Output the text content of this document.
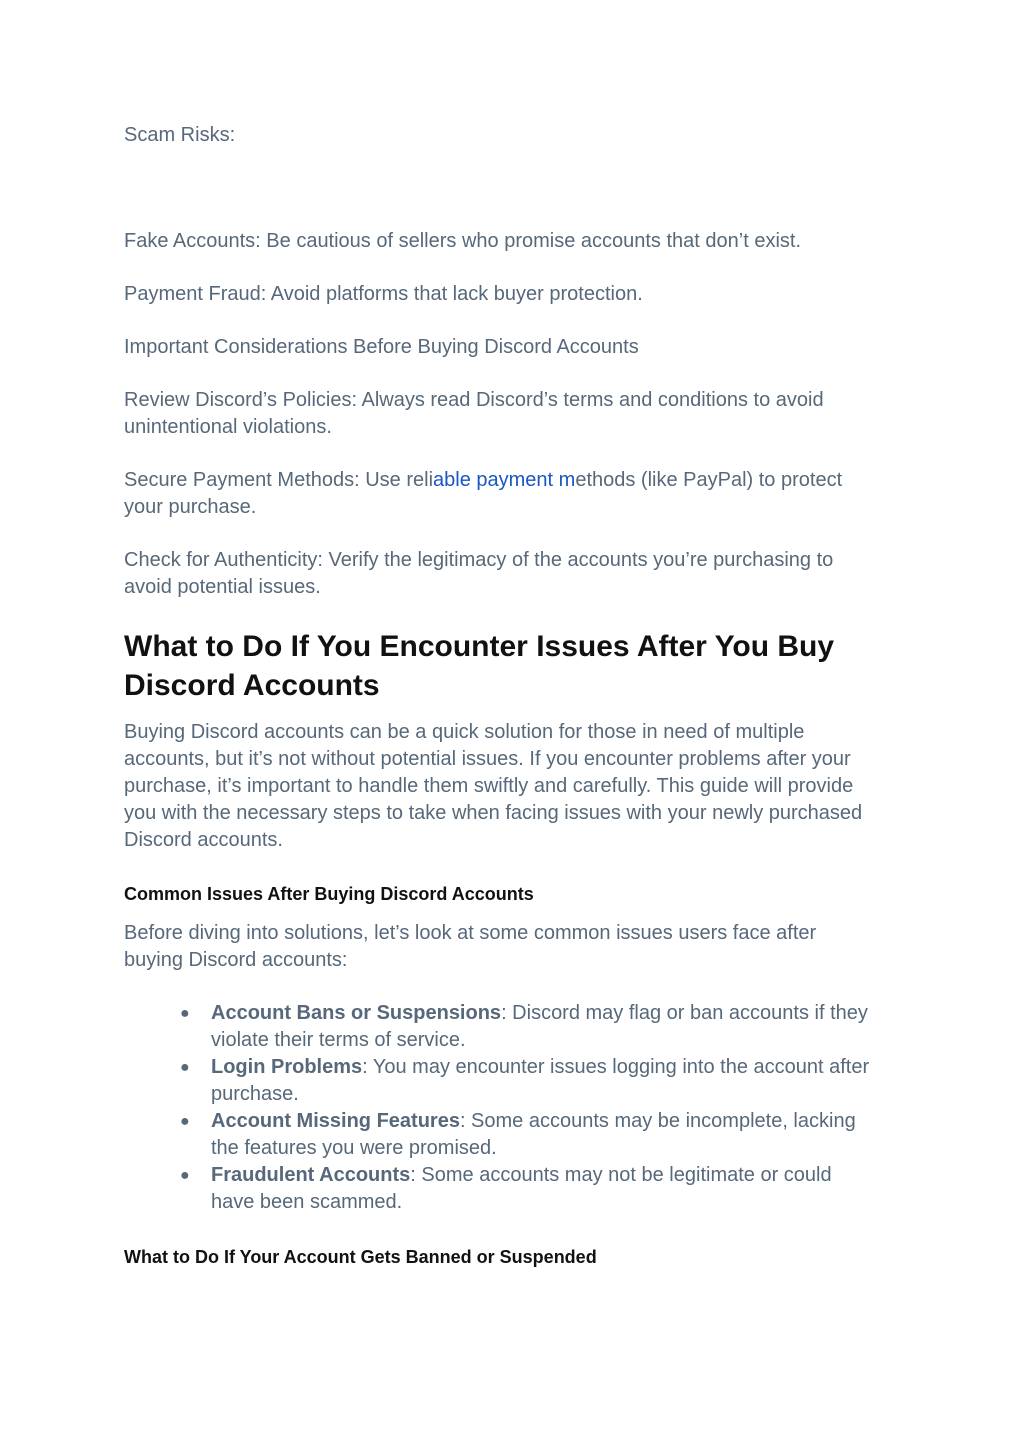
Scam Risks:

Fake Accounts: Be cautious of sellers who promise accounts that don’t exist.

Payment Fraud: Avoid platforms that lack buyer protection.

Important Considerations Before Buying Discord Accounts

Review Discord’s Policies: Always read Discord’s terms and conditions to avoid
unintentional violations.

Secure Payment Methods: Use reliable payment methods (like PayPal) to protect
your purchase.

Check for Authenticity: Verify the legitimacy of the accounts you’re purchasing to
avoid potential issues.

What to Do If You Encounter Issues After You Buy
Discord Accounts

Buying Discord accounts can be a quick solution for those in need of multiple
accounts, but it’s not without potential issues. If you encounter problems after your
purchase, it’s important to handle them swiftly and carefully. This guide will provide
you with the necessary steps to take when facing issues with your newly purchased
Discord accounts.

Common Issues After Buying Discord Accounts

Before diving into solutions, let’s look at some common issues users face after
buying Discord accounts:

● Account Bans or Suspensions: Discord may flag or ban accounts if they
violate their terms of service.
● Login Problems: You may encounter issues logging into the account after
purchase.
● Account Missing Features: Some accounts may be incomplete, lacking
the features you were promised.
● Fraudulent Accounts: Some accounts may not be legitimate or could
have been scammed.
What to Do If Your Account Gets Banned or Suspended
